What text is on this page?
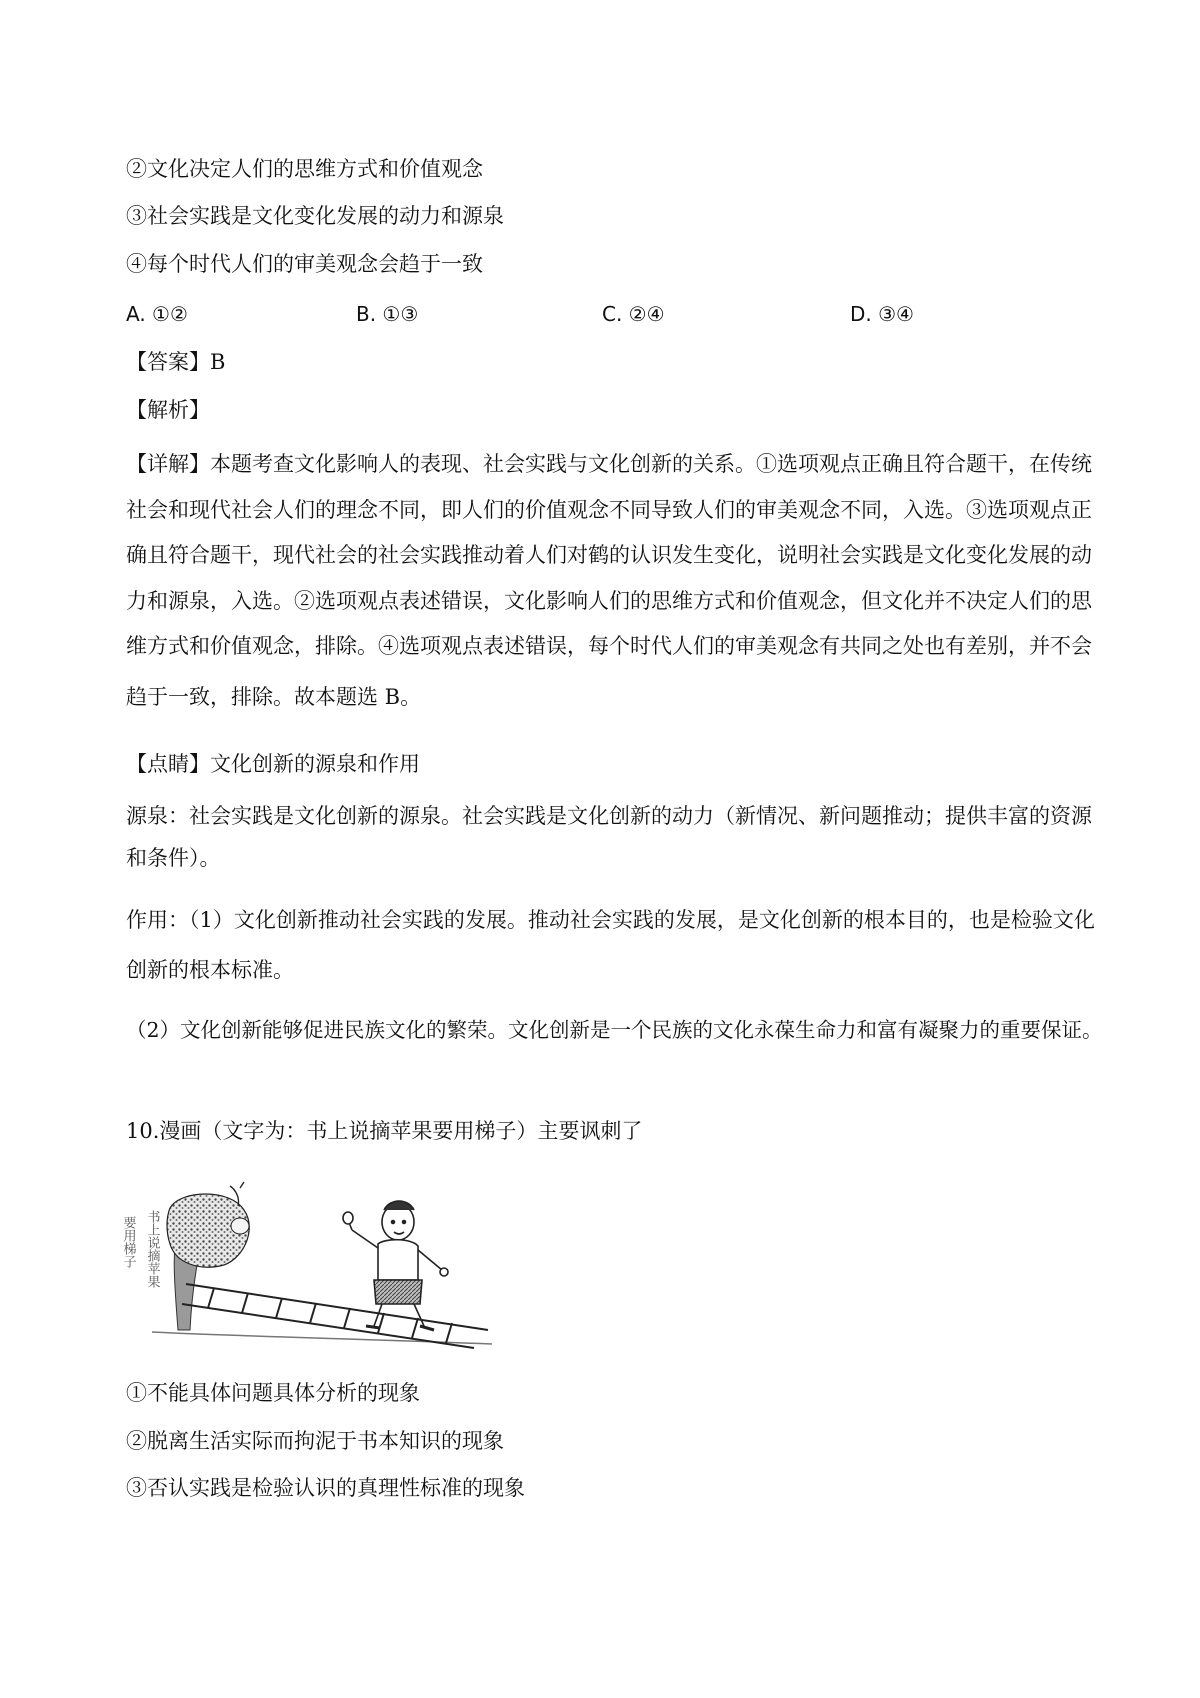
②文化决定人们的思维方式和价值观念
③社会实践是文化变化发展的动力和源泉
④每个时代人们的审美观念会趋于一致
A. ①②	B. ①③	C. ②④	D. ③④
【答案】B
【解析】
【详解】本题考查文化影响人的表现、社会实践与文化创新的关系。①选项观点正确且符合题干，在传统
社会和现代社会人们的理念不同，即人们的价值观念不同导致人们的审美观念不同，入选。③选项观点正
确且符合题干，现代社会的社会实践推动着人们对鹤的认识发生变化，说明社会实践是文化变化发展的动
力和源泉，入选。②选项观点表述错误，文化影响人们的思维方式和价值观念，但文化并不决定人们的思
维方式和价值观念，排除。④选项观点表述错误，每个时代人们的审美观念有共同之处也有差别，并不会
趋于一致，排除。故本题选 B。
【点睛】文化创新的源泉和作用
源泉：社会实践是文化创新的源泉。社会实践是文化创新的动力（新情况、新问题推动；提供丰富的资源
和条件）。
作用：（1）文化创新推动社会实践的发展。推动社会实践的发展，是文化创新的根本目的，也是检验文化
创新的根本标准。
（2）文化创新能够促进民族文化的繁荣。文化创新是一个民族的文化永葆生命力和富有凝聚力的重要保证。
10.漫画（文字为：书上说摘苹果要用梯子）主要讽刺了
书上说摘苹果
要用梯子
①不能具体问题具体分析的现象
②脱离生活实际而拘泥于书本知识的现象
③否认实践是检验认识的真理性标准的现象
